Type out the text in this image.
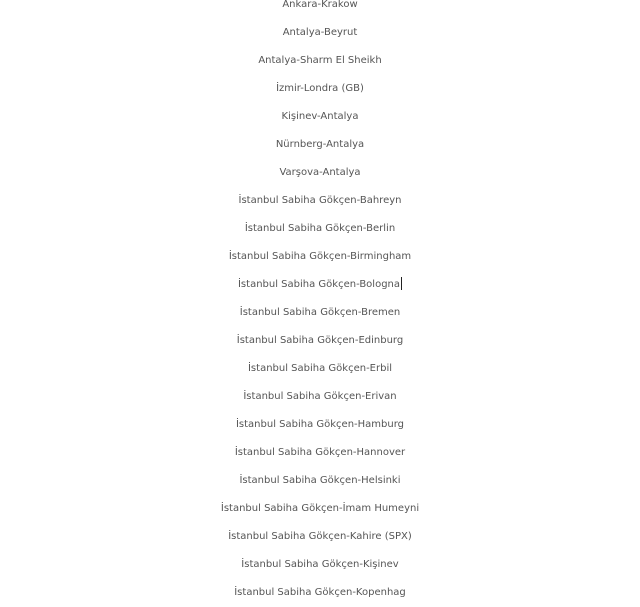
Ankara-Krakow
Antalya-Beyrut
Antalya-Sharm El Sheikh
İzmir-Londra (GB)
Kişinev-Antalya
Nürnberg-Antalya
Varşova-Antalya
İstanbul Sabiha Gökçen-Bahreyn
İstanbul Sabiha Gökçen-Berlin
İstanbul Sabiha Gökçen-Birmingham
İstanbul Sabiha Gökçen-Bologna
İstanbul Sabiha Gökçen-Bremen
İstanbul Sabiha Gökçen-Edinburg
İstanbul Sabiha Gökçen-Erbil
İstanbul Sabiha Gökçen-Erivan
İstanbul Sabiha Gökçen-Hamburg
İstanbul Sabiha Gökçen-Hannover
İstanbul Sabiha Gökçen-Helsinki
İstanbul Sabiha Gökçen-İmam Humeyni
İstanbul Sabiha Gökçen-Kahire (SPX)
İstanbul Sabiha Gökçen-Kişinev
İstanbul Sabiha Gökçen-Kopenhag
